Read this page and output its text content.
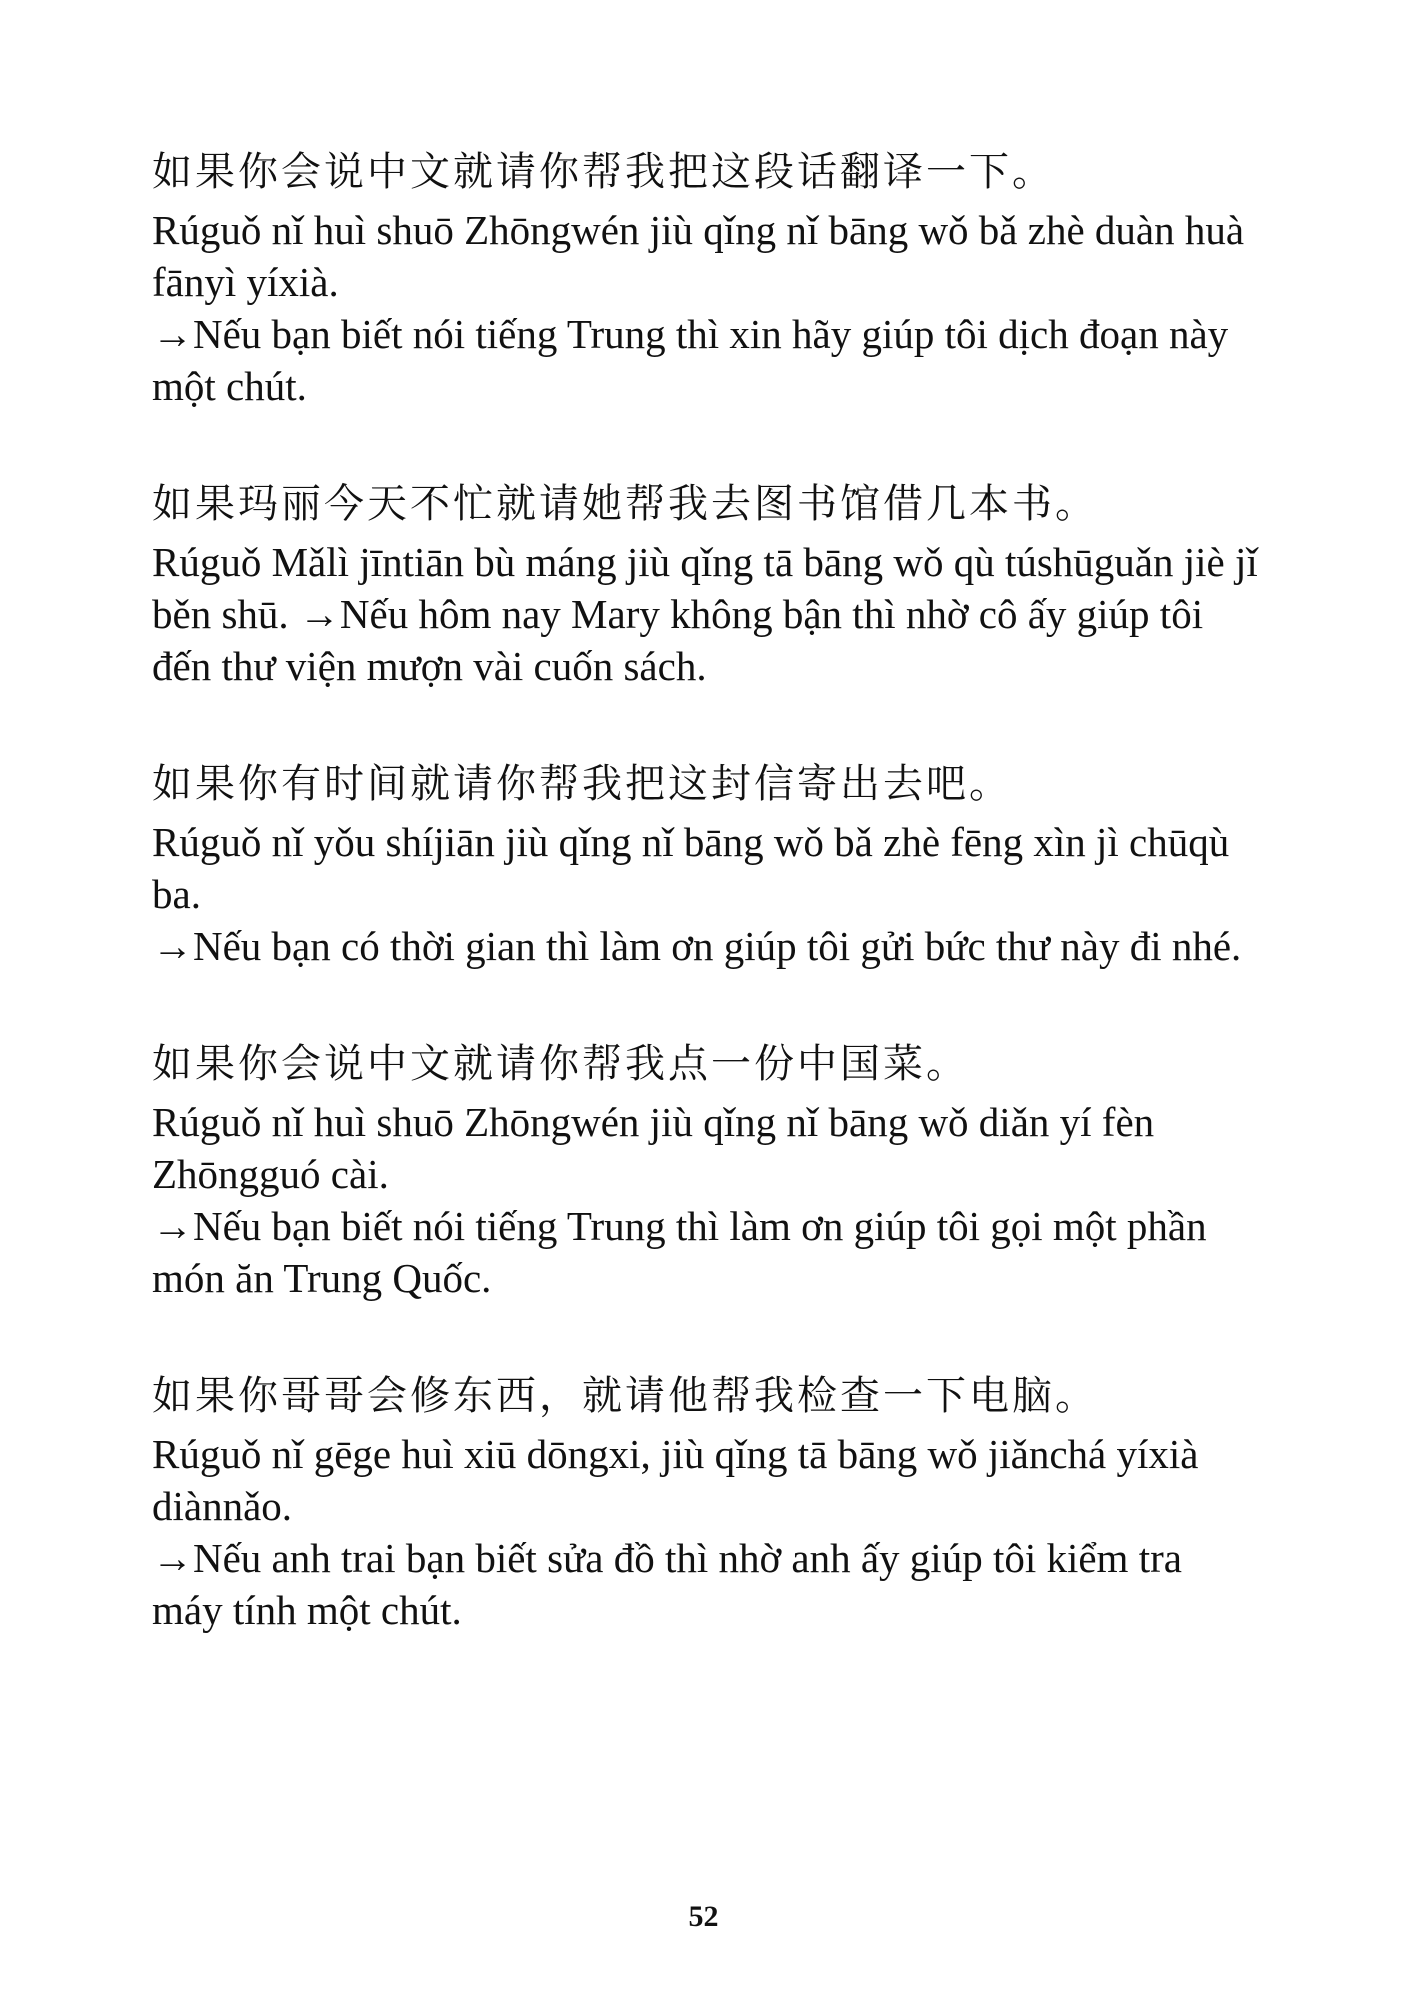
如果你会说中文就请你帮我把这段话翻译一下。

Rúguǒ nǐ huì shuō Zhōngwén jiù qǐng nǐ bāng wǒ bǎ zhè duàn huà fānyì yíxià.

→Nếu bạn biết nói tiếng Trung thì xin hãy giúp tôi dịch đoạn này một chút.

如果玛丽今天不忙就请她帮我去图书馆借几本书。

Rúguǒ Mǎlì jīntiān bù máng jiù qǐng tā bāng wǒ qù túshūguǎn jiè jǐ běn shū. →Nếu hôm nay Mary không bận thì nhờ cô ấy giúp tôi đến thư viện mượn vài cuốn sách.

如果你有时间就请你帮我把这封信寄出去吧。

Rúguǒ nǐ yǒu shíjiān jiù qǐng nǐ bāng wǒ bǎ zhè fēng xìn jì chūqù ba.

→Nếu bạn có thời gian thì làm ơn giúp tôi gửi bức thư này đi nhé.

如果你会说中文就请你帮我点一份中国菜。

Rúguǒ nǐ huì shuō Zhōngwén jiù qǐng nǐ bāng wǒ diǎn yí fèn Zhōngguó cài.

→Nếu bạn biết nói tiếng Trung thì làm ơn giúp tôi gọi một phần món ăn Trung Quốc.

如果你哥哥会修东西，就请他帮我检查一下电脑。

Rúguǒ nǐ gēge huì xiū dōngxi, jiù qǐng tā bāng wǒ jiǎnchá yíxià diànnǎo.

→Nếu anh trai bạn biết sửa đồ thì nhờ anh ấy giúp tôi kiểm tra máy tính một chút.

52
